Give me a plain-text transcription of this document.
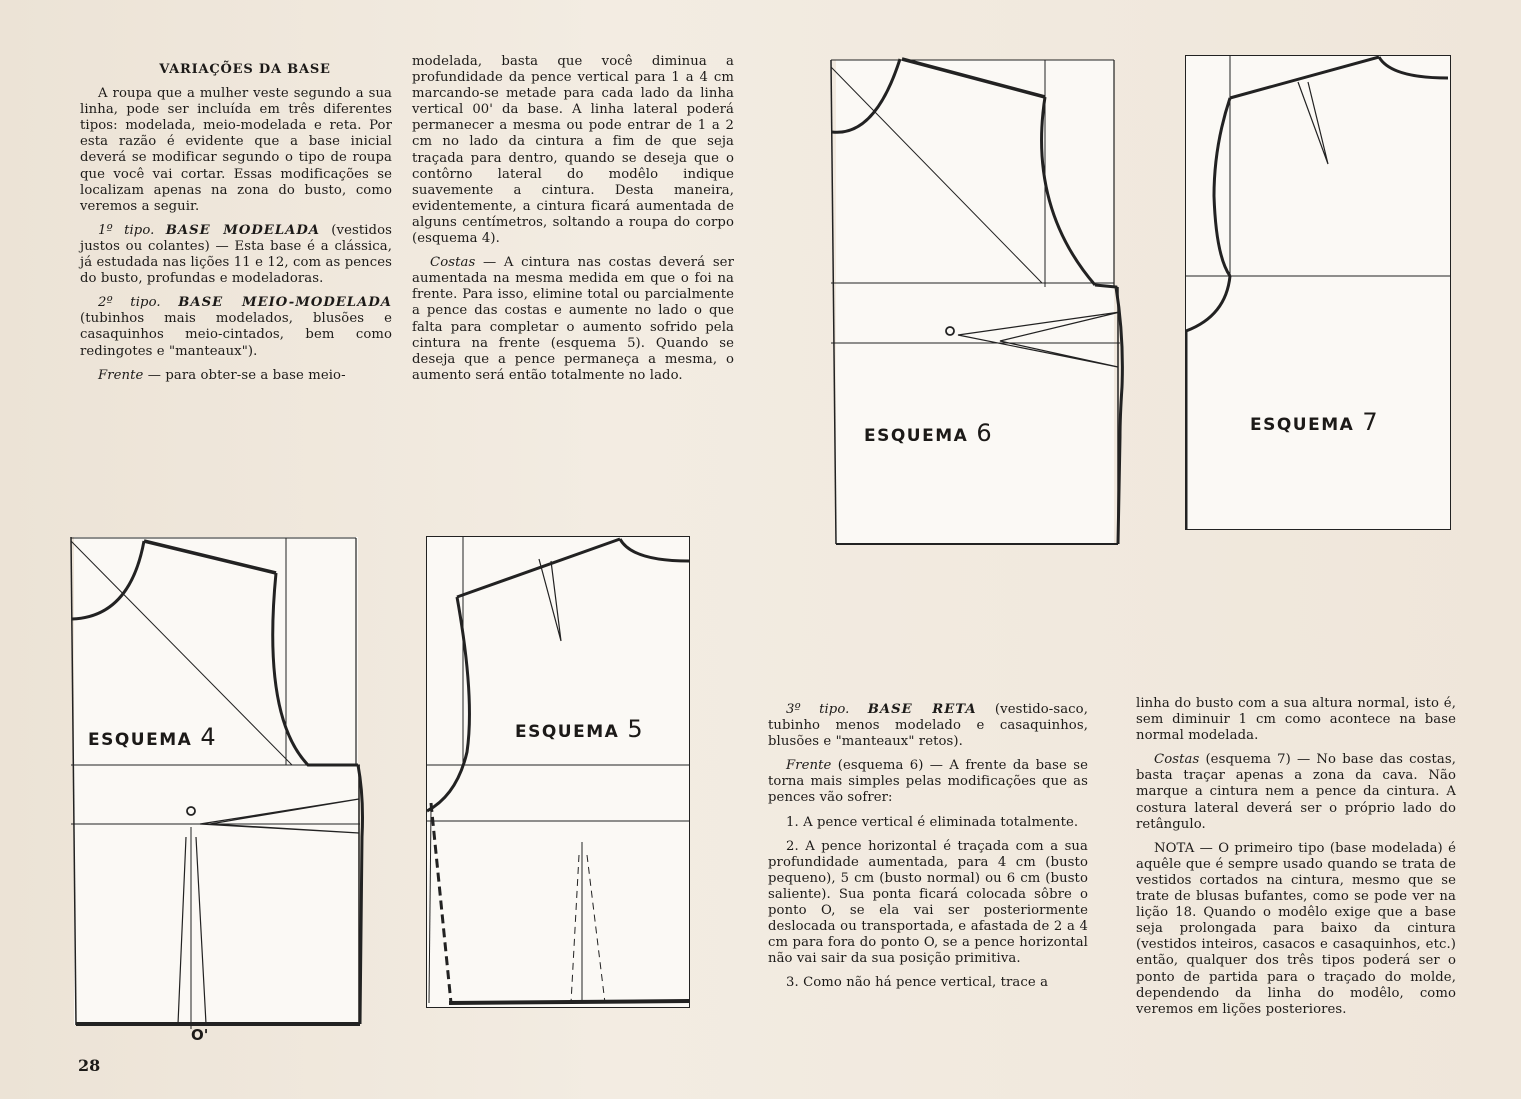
VARIAÇÕES DA BASE

A roupa que a mulher veste segundo a sua linha, pode ser incluída em três diferentes tipos: modelada, meio-modelada e reta. Por esta razão é evidente que a base inicial deverá se modificar segundo o tipo de roupa que você vai cortar. Essas modificações se localizam apenas na zona do busto, como veremos a seguir.

1º tipo. BASE MODELADA (vestidos justos ou colantes) — Esta base é a clássica, já estudada nas lições 11 e 12, com as pences do busto, profundas e modeladoras.

2º tipo. BASE MEIO-MODELADA (tubinhos mais modelados, blusões e casaquinhos meio-cintados, bem como redingotes e "manteaux").

Frente — para obter-se a base meio-

modelada, basta que você diminua a profundidade da pence vertical para 1 a 4 cm marcando-se metade para cada lado da linha vertical 00' da base. A linha lateral poderá permanecer a mesma ou pode entrar de 1 a 2 cm no lado da cintura a fim de que seja traçada para dentro, quando se deseja que o contôrno lateral do modêlo indique suavemente a cintura. Desta maneira, evidentemente, a cintura ficará aumentada de alguns centímetros, soltando a roupa do corpo (esquema 4).

Costas — A cintura nas costas deverá ser aumentada na mesma medida em que o foi na frente. Para isso, elimine total ou parcialmente a pence das costas e aumente no lado o que falta para completar o aumento sofrido pela cintura na frente (esquema 5). Quando se deseja que a pence permaneça a mesma, o aumento será então totalmente no lado.

3º tipo. BASE RETA (vestido-saco, tubinho menos modelado e casaquinhos, blusões e "manteaux" retos).

Frente (esquema 6) — A frente da base se torna mais simples pelas modificações que as pences vão sofrer:

1. A pence vertical é eliminada totalmente.

2. A pence horizontal é traçada com a sua profundidade aumentada, para 4 cm (busto pequeno), 5 cm (busto normal) ou 6 cm (busto saliente). Sua ponta ficará colocada sôbre o ponto O, se ela vai ser posteriormente deslocada ou transportada, e afastada de 2 a 4 cm para fora do ponto O, se a pence horizontal não vai sair da sua posição primitiva.

3. Como não há pence vertical, trace a

linha do busto com a sua altura normal, isto é, sem diminuir 1 cm como acontece na base normal modelada.

Costas (esquema 7) — No base das costas, basta traçar apenas a zona da cava. Não marque a cintura nem a pence da cintura. A costura lateral deverá ser o próprio lado do retângulo.

NOTA — O primeiro tipo (base modelada) é aquêle que é sempre usado quando se trata de vestidos cortados na cintura, mesmo que se trate de blusas bufantes, como se pode ver na lição 18. Quando o modêlo exige que a base seja prolongada para baixo da cintura (vestidos inteiros, casacos e casaquinhos, etc.) então, qualquer dos três tipos poderá ser o ponto de partida para o traçado do molde, dependendo da linha do modêlo, como veremos em lições posteriores.

ESQUEMA 6	ESQUEMA 7
ESQUEMA 4
O'
ESQUEMA 5
28
